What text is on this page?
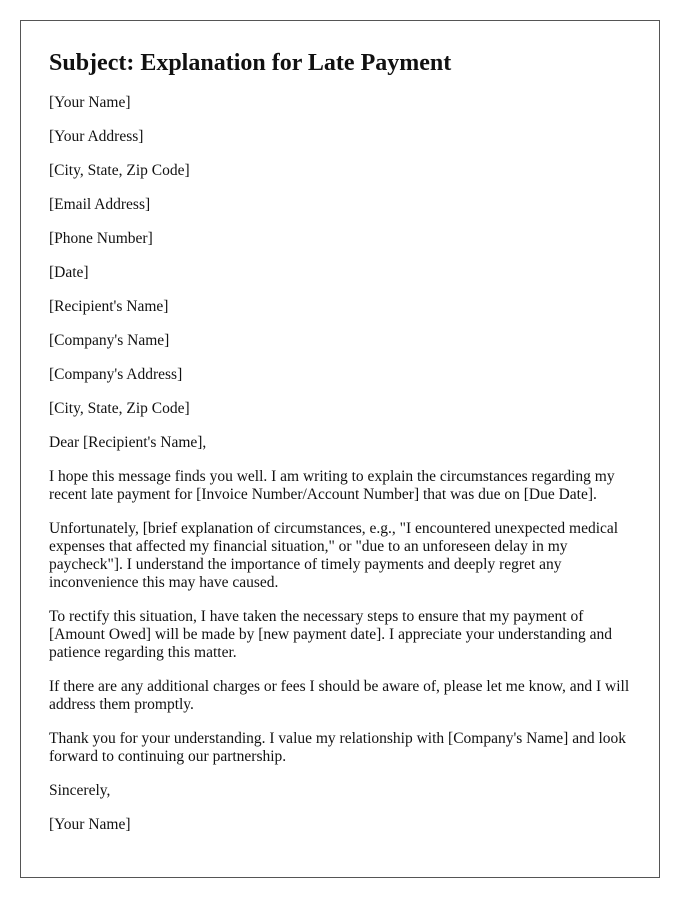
Subject: Explanation for Late Payment
[Your Name]
[Your Address]
[City, State, Zip Code]
[Email Address]
[Phone Number]
[Date]
[Recipient's Name]
[Company's Name]
[Company's Address]
[City, State, Zip Code]
Dear [Recipient's Name],
I hope this message finds you well. I am writing to explain the circumstances regarding my recent late payment for [Invoice Number/Account Number] that was due on [Due Date].
Unfortunately, [brief explanation of circumstances, e.g., "I encountered unexpected medical expenses that affected my financial situation," or "due to an unforeseen delay in my paycheck"]. I understand the importance of timely payments and deeply regret any inconvenience this may have caused.
To rectify this situation, I have taken the necessary steps to ensure that my payment of [Amount Owed] will be made by [new payment date]. I appreciate your understanding and patience regarding this matter.
If there are any additional charges or fees I should be aware of, please let me know, and I will address them promptly.
Thank you for your understanding. I value my relationship with [Company's Name] and look forward to continuing our partnership.
Sincerely,
[Your Name]
